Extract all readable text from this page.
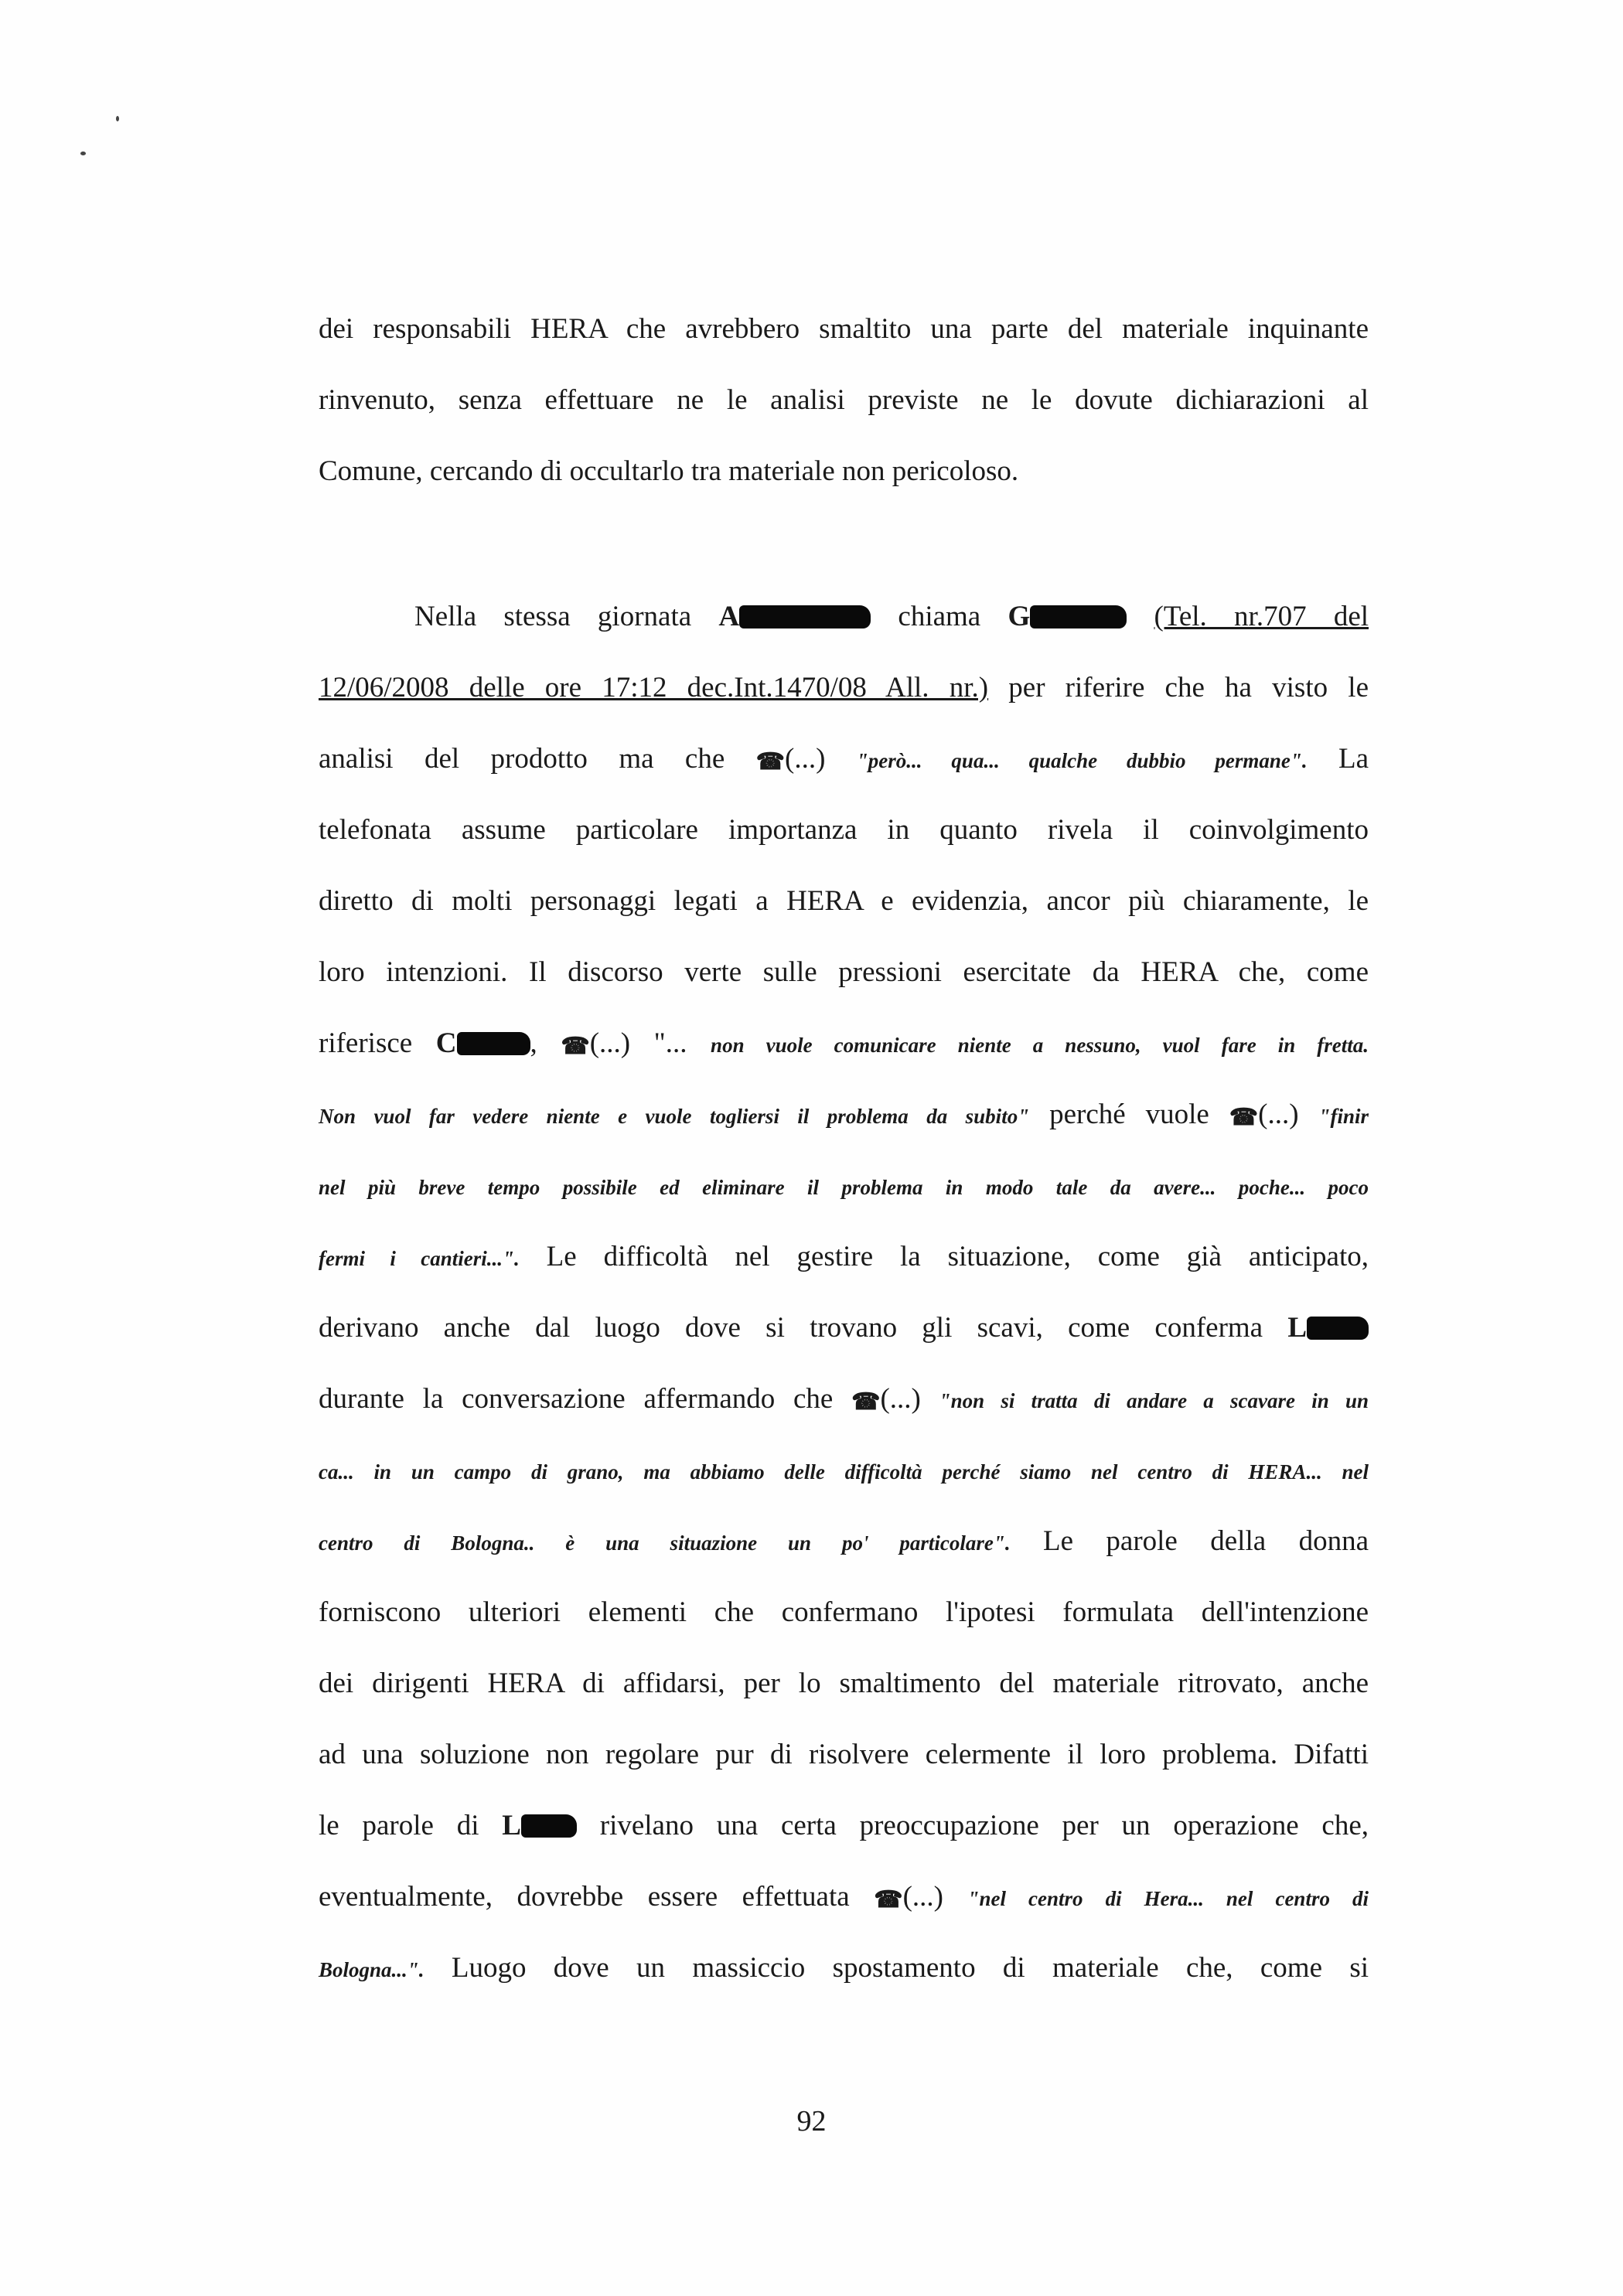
dei responsabili HERA che avrebbero smaltito una parte del materiale inquinante
rinvenuto, senza effettuare ne le analisi previste ne le dovute dichiarazioni al
Comune, cercando di occultarlo tra materiale non pericoloso.
Nella stessa giornata A	chiama G	(Tel. nr.707 del
12/06/2008 delle ore 17:12 dec.Int.1470/08 All. nr.) per riferire che ha visto le
analisi del prodotto ma che ☎(...) "però... qua... qualche dubbio permane". La
telefonata assume particolare importanza in quanto rivela il coinvolgimento
diretto di molti personaggi legati a HERA e evidenzia, ancor più chiaramente, le
loro intenzioni. Il discorso verte sulle pressioni esercitate da HERA che, come
riferisce C	, ☎(...) "... non vuole comunicare niente a nessuno, vuol fare in fretta.
Non vuol far vedere niente e vuole togliersi il problema da subito" perché vuole ☎(...) "finir
nel più breve tempo possibile ed eliminare il problema in modo tale da avere... poche... poco
fermi i cantieri...". Le difficoltà nel gestire la situazione, come già anticipato,
derivano anche dal luogo dove si trovano gli scavi, come conferma L
durante la conversazione affermando che ☎(...) "non si tratta di andare a scavare in un
ca... in un campo di grano, ma abbiamo delle difficoltà perché siamo nel centro di HERA... nel
centro di Bologna.. è una situazione un po' particolare". Le parole della donna
forniscono ulteriori elementi che confermano l'ipotesi formulata dell'intenzione
dei dirigenti HERA di affidarsi, per lo smaltimento del materiale ritrovato, anche
ad una soluzione non regolare pur di risolvere celermente il loro problema. Difatti
le parole di L	rivelano una certa preoccupazione per un operazione che,
eventualmente, dovrebbe essere effettuata ☎(...) "nel centro di Hera... nel centro di
Bologna...". Luogo dove un massiccio spostamento di materiale che, come si
92
